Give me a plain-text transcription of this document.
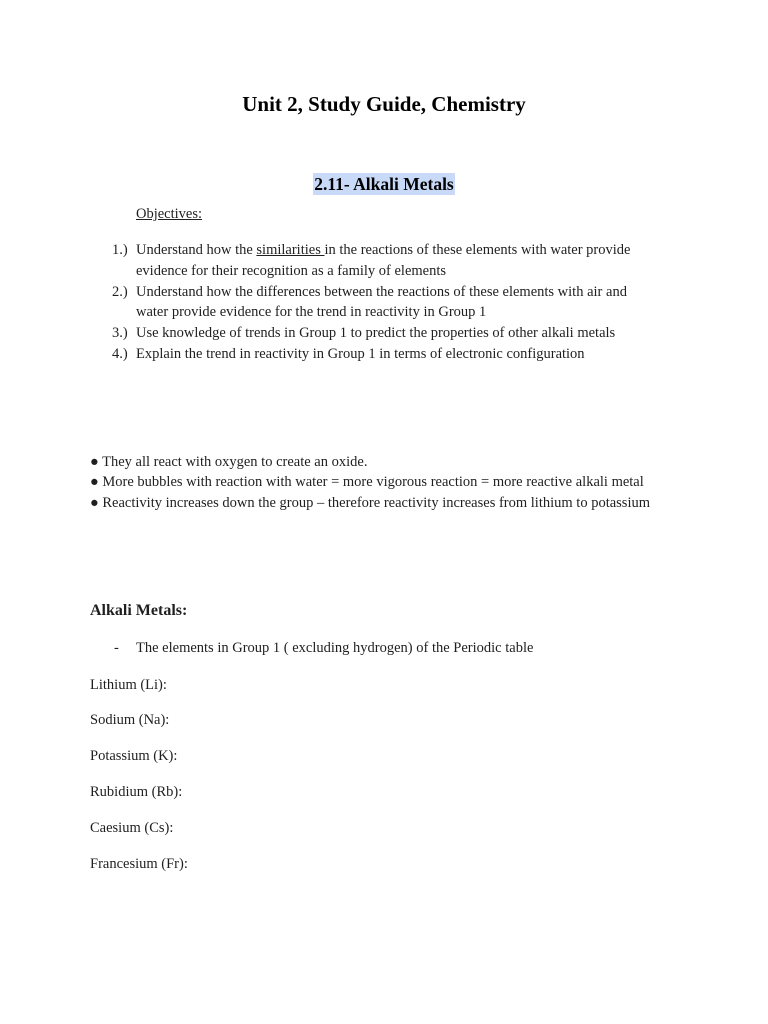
Unit 2, Study Guide, Chemistry
2.11- Alkali Metals
Objectives:
1.) Understand how the similarities in the reactions of these elements with water provide
evidence for their recognition as a family of elements
2.) Understand how the differences between the reactions of these elements with air and
water provide evidence for the trend in reactivity in Group 1
3.) Use knowledge of trends in Group 1 to predict the properties of other alkali metals
4.) Explain the trend in reactivity in Group 1 in terms of electronic configuration
● They all react with oxygen to create an oxide.
● More bubbles with reaction with water = more vigorous reaction = more reactive alkali metal
● Reactivity increases down the group – therefore reactivity increases from lithium to potassium
Alkali Metals:
- The elements in Group 1 ( excluding hydrogen) of the Periodic table
Lithium (Li):
Sodium (Na):
Potassium (K):
Rubidium (Rb):
Caesium (Cs):
Francesium (Fr):
